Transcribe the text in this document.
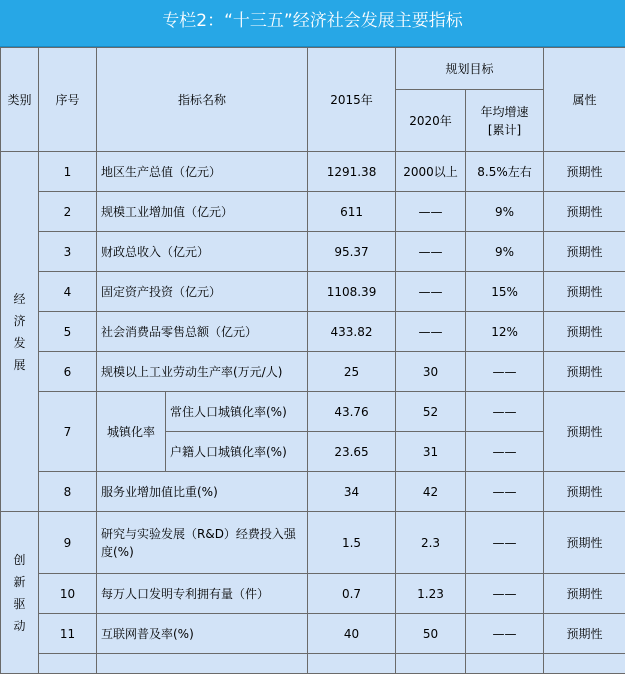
专栏2：“十三五”经济社会发展主要指标
类别	序号	指标名称		2015年	规划目标		属性
					2020年	年均增速
[累计]	

经
济
发
展	1	地区生产总值（亿元）		1291.38	2000以上	8.5%左右	预期性
	2	规模工业增加值（亿元）		611	——	9%	预期性
	3	财政总收入（亿元）		95.37	——	9%	预期性
	4	固定资产投资（亿元）		1108.39	——	15%	预期性
	5	社会消费品零售总额（亿元）		433.82	——	12%	预期性
	6	规模以上工业劳动生产率(万元/人)		25	30	——	预期性
	7	城镇化率	常住人口城镇化率(%)	43.76	52	——	预期性
			户籍人口城镇化率(%)	23.65	31	——	
	8	服务业增加值比重(%)		34	42	——	预期性

创
新
驱
动	9	研究与实验发展（R&D）经费投入强
度(%)		1.5	2.3	——	预期性
	10	每万人口发明专利拥有量（件）		0.7	1.23	——	预期性
	11	互联网普及率(%)		40	50	——	预期性
